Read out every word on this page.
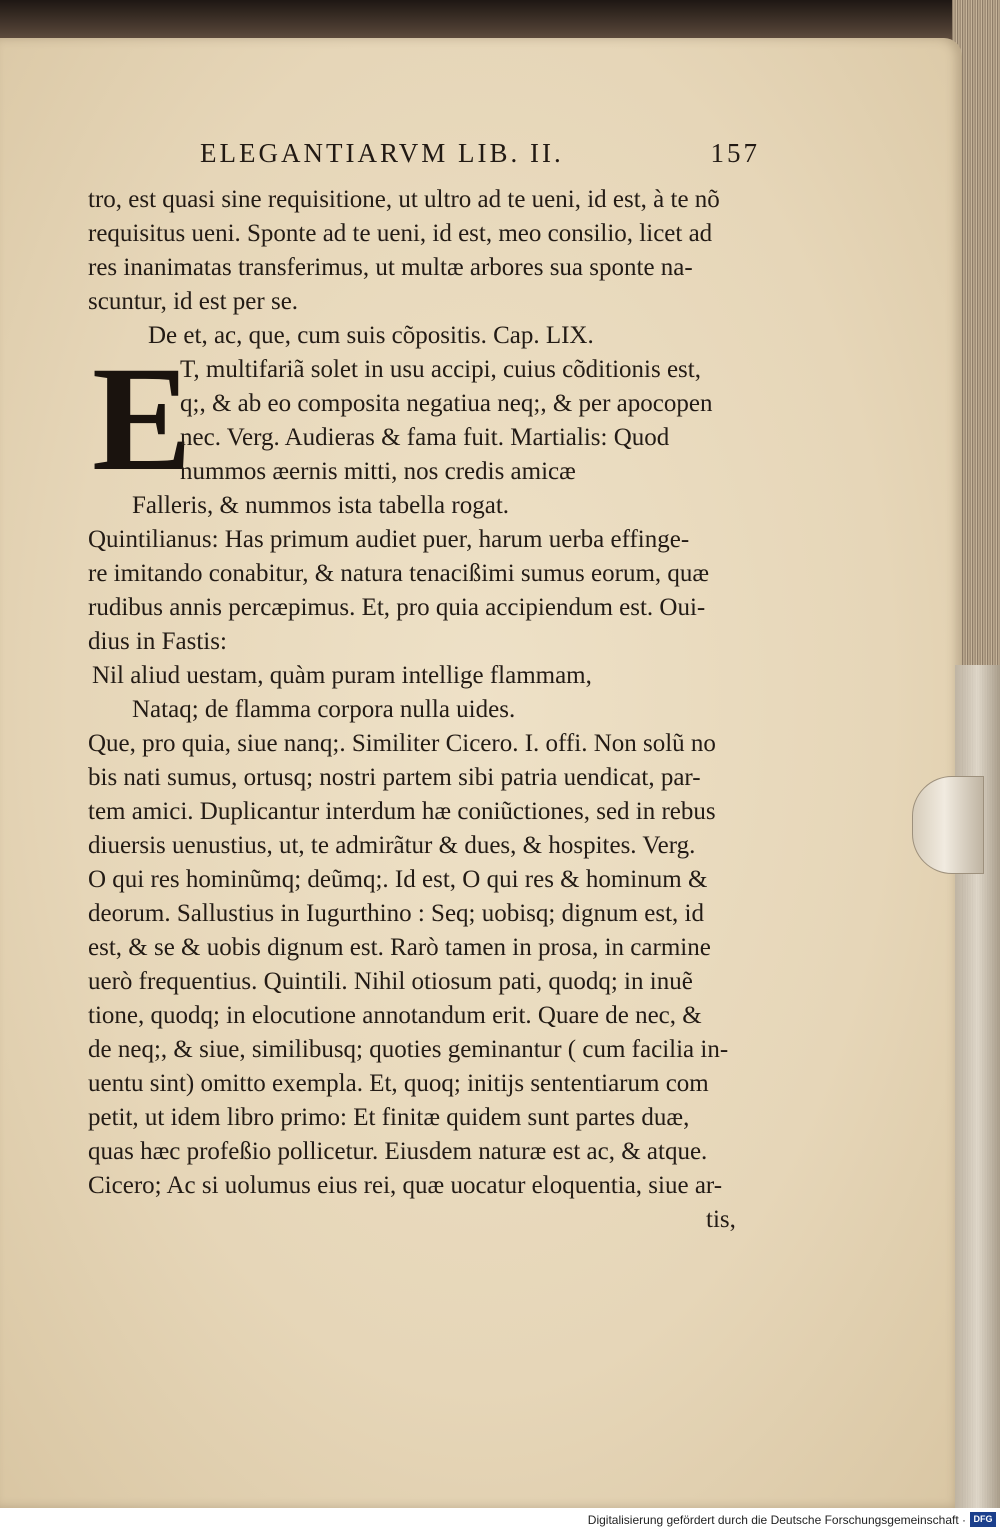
ELEGANTIARVM LIB. II.	157
E
tro, est quasi sine requisitione, ut ultro ad te ueni, id est, à te nõ
requisitus ueni. Sponte ad te ueni, id est, meo consilio, licet ad
res inanimatas transferimus, ut multæ arbores sua sponte na-
scuntur, id est per se.
De et, ac, que, cum suis cõpositis. Cap. LIX.
T, multifariã solet in usu accipi, cuius cõditionis est,
q;, & ab eo composita negatiua neq;, & per apocopen
nec. Verg. Audieras & fama fuit. Martialis: Quod
nummos æernis mitti, nos credis amicæ
Falleris, & nummos ista tabella rogat.
Quintilianus: Has primum audiet puer, harum uerba effinge-
re imitando conabitur, & natura tenacißimi sumus eorum, quæ
rudibus annis percæpimus. Et, pro quia accipiendum est. Oui-
dius in Fastis:
Nil aliud uestam, quàm puram intellige flammam,
Nataq; de flamma corpora nulla uides.
Que, pro quia, siue nanq;. Similiter Cicero. I. offi. Non solũ no
bis nati sumus, ortusq; nostri partem sibi patria uendicat, par-
tem amici. Duplicantur interdum hæ coniũctiones, sed in rebus
diuersis uenustius, ut, te admirãtur & dues, & hospites. Verg.
O qui res hominũmq; deũmq;. Id est, O qui res & hominum &
deorum. Sallustius in Iugurthino : Seq; uobisq; dignum est, id
est, & se & uobis dignum est. Rarò tamen in prosa, in carmine
uerò frequentius. Quintili. Nihil otiosum pati, quodq; in inuẽ
tione, quodq; in elocutione annotandum erit. Quare de nec, &
de neq;, & siue, similibusq; quoties geminantur ( cum facilia in-
uentu sint) omitto exempla. Et, quoq; initijs sententiarum com
petit, ut idem libro primo: Et finitæ quidem sunt partes duæ,
quas hæc profeßio pollicetur. Eiusdem naturæ est ac, & atque.
Cicero; Ac si uolumus eius rei, quæ uocatur eloquentia, siue ar-
tis,
Digitalisierung gefördert durch die Deutsche Forschungsgemeinschaft · DFG
